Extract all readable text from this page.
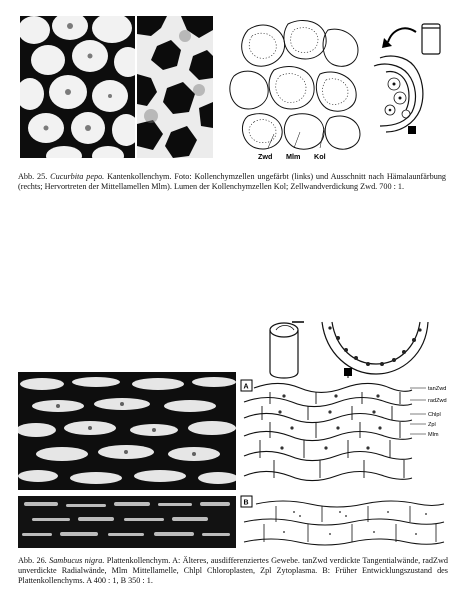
Zwd Mlm Kol
Abb. 25. Cucurbita pepo. Kantenkollenchym. Foto: Kollenchymzellen ungefärbt (links) und Ausschnitt nach Hämalaunfärbung (rechts; Hervortreten der Mittellamellen Mlm). Lumen der Kollenchymzellen Kol; Zellwandverdickung Zwd. 700 : 1.
A	tanZwd
radZwd
Chlpl
Zpl
Mlm
B
Abb. 26. Sambucus nigra. Plattenkollenchym. A: Älteres, ausdifferenziertes Gewebe. tanZwd verdickte Tangentialwände, radZwd unverdickte Radialwände, Mlm Mittellamelle, Chlpl Chloroplasten, Zpl Zytoplasma. B: Früher Entwicklungszustand des Plattenkollenchyms. A 400 : 1, B 350 : 1.
